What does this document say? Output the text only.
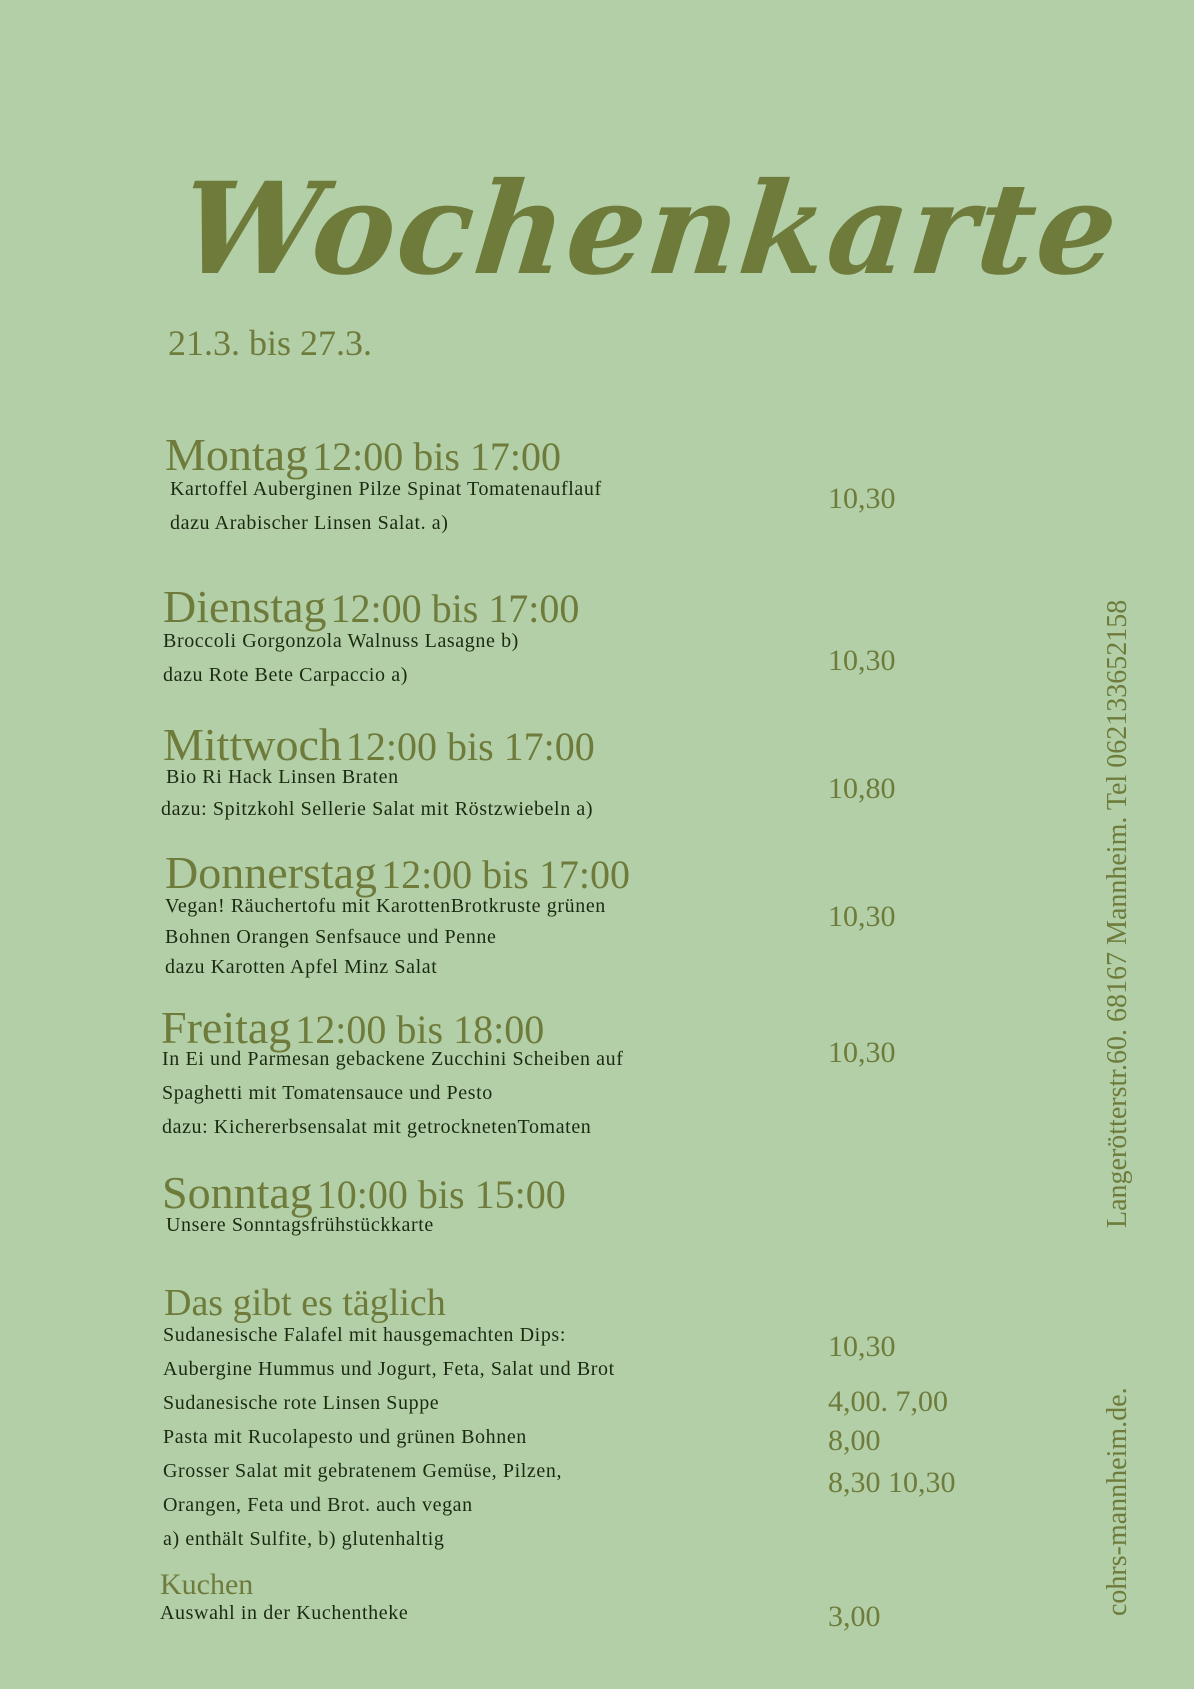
Wochenkarte
21.3. bis 27.3.
Montag 12:00 bis 17:00
Kartoffel Auberginen Pilze Spinat Tomatenauflauf
dazu Arabischer Linsen Salat. a)
10,30
Dienstag 12:00 bis 17:00
Broccoli Gorgonzola Walnuss Lasagne b)
dazu Rote Bete Carpaccio a)	10,30
Mittwoch 12:00 bis 17:00
Bio Ri Hack Linsen Braten
dazu: Spitzkohl Sellerie Salat mit Röstzwiebeln a)
10,80
Donnerstag 12:00 bis 17:00
Vegan! Räuchertofu mit KarottenBrotkruste grünen
Bohnen Orangen Senfsauce und Penne
dazu Karotten Apfel Minz Salat
10,30
Freitag 12:00 bis 18:00
In Ei und Parmesan gebackene Zucchini Scheiben auf
Spaghetti mit Tomatensauce und Pesto
dazu: Kichererbsensalat mit getrocknetenTomaten
10,30
Sonntag 10:00 bis 15:00
Unsere Sonntagsfrühstückkarte
Das gibt es täglich
Sudanesische Falafel mit hausgemachten Dips:
Aubergine Hummus und Jogurt, Feta, Salat und Brot
Sudanesische rote Linsen Suppe
Pasta mit Rucolapesto und grünen Bohnen
Grosser Salat mit gebratenem Gemüse, Pilzen,
Orangen, Feta und Brot. auch vegan
a) enthält Sulfite, b) glutenhaltig
10,30
4,00. 7,00
8,00
8,30 10,30
Kuchen
Auswahl in der Kuchentheke	3,00
Langerötterstr.60. 68167 Mannheim. Tel 062133652158
cohrs-mannheim.de.
